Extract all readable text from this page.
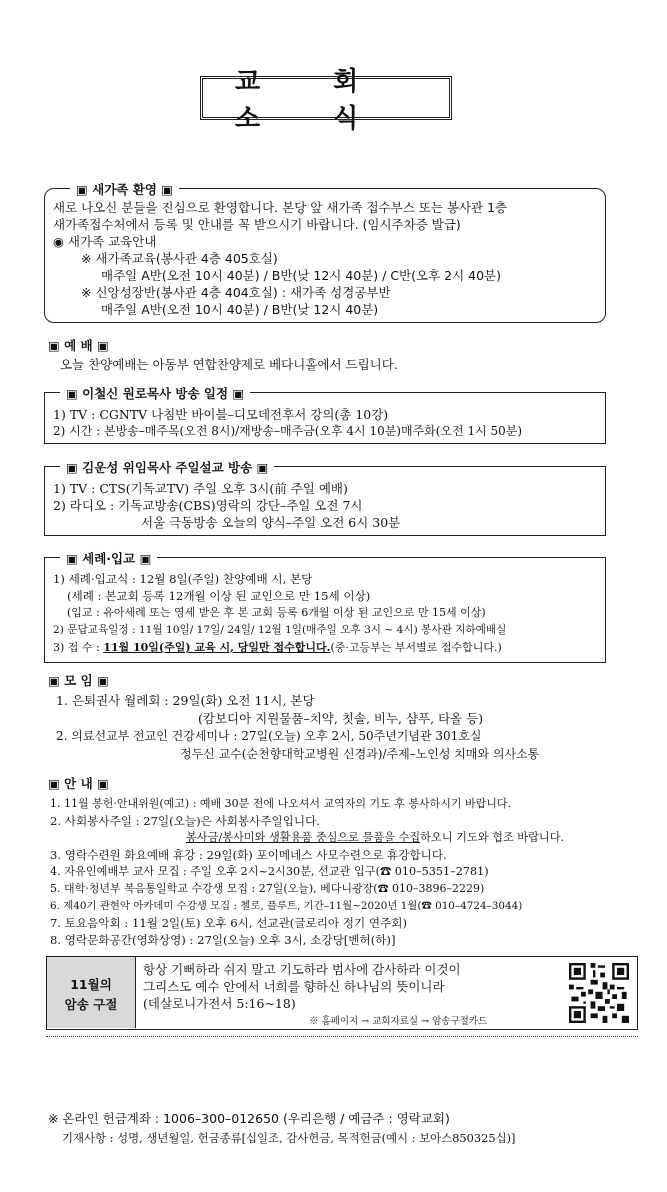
교 회 소 식
새로 나오신 분들을 진심으로 환영합니다. 본당 앞 새가족 접수부스 또는 봉사관 1층
새가족접수처에서 등록 및 안내를 꼭 받으시기 바랍니다. (임시주차증 발급)
◉ 새가족 교육안내
※ 새가족교육(봉사관 4층 405호실)
매주일 A반(오전 10시 40분) / B반(낮 12시 40분) / C반(오후 2시 40분)
※ 신앙성장반(봉사관 4층 404호실) : 새가족 성경공부반
매주일 A반(오전 10시 40분) / B반(낮 12시 40분)
▣ 새가족 환영 ▣
▣ 예 배 ▣
오늘 찬양예배는 아동부 연합찬양제로 베다니홀에서 드립니다.
1) TV : CGNTV 나침반 바이블–디모데전후서 강의(총 10강)
2) 시간 : 본방송–매주목(오전 8시)/재방송–매주금(오후 4시 10분)매주화(오전 1시 50분)
▣ 이철신 원로목사 방송 일정 ▣
1) TV : CTS(기독교TV) 주일 오후 3시(前 주일 예배)
2) 라디오 : 기독교방송(CBS)영락의 강단–주일 오전 7시
서울 극동방송 오늘의 양식–주일 오전 6시 30분
▣ 김운성 위임목사 주일설교 방송 ▣
1) 세례·입교식 : 12월 8일(주일) 찬양예배 시, 본당
(세례 : 본교회 등록 12개월 이상 된 교인으로 만 15세 이상)
(입교 : 유아세례 또는 영세 받은 후 본 교회 등록 6개월 이상 된 교인으로 만 15세 이상)
2) 문답교육일정 : 11월 10일/ 17일/ 24일/ 12월 1일(매주일 오후 3시 ~ 4시) 봉사관 지하예배실
3) 접 수 : 11월 10일(주일) 교육 시, 당일만 접수합니다.(중·고등부는 부서별로 접수합니다.)
▣ 세례·입교 ▣
▣ 모 임 ▣
1. 은퇴권사 월례회 : 29일(화) 오전 11시, 본당
(캄보디아 지원물품–치약, 칫솔, 비누, 샴푸, 타올 등)
2. 의료선교부 전교인 건강세미나 : 27일(오늘) 오후 2시, 50주년기념관 301호실
정두신 교수(순천향대학교병원 신경과)/주제–노인성 치매와 의사소통
▣ 안 내 ▣
1. 11월 봉헌·안내위원(예고) : 예배 30분 전에 나오셔서 교역자의 기도 후 봉사하시기 바랍니다.
2. 사회봉사주일 : 27일(오늘)은 사회봉사주일입니다.
봉사금/봉사미와 생활용품 중심으로 물품을 수집하오니 기도와 협조 바랍니다.
3. 영락수련원 화요예배 휴강 : 29일(화) 포이메네스 사모수련으로 휴강합니다.
4. 자유인예배부 교사 모집 : 주일 오후 2시~2시30분, 선교관 입구(☎ 010–5351–2781)
5. 대학·청년부 복음통일학교 수강생 모집 : 27일(오늘), 베다니광장(☎ 010–3896–2229)
6. 제40기 관현악 아카데미 수강생 모집 : 첼로, 플루트, 기간–11월~2020년 1월(☎ 010–4724–3044)
7. 토요음악회 : 11월 2일(토) 오후 6시, 선교관(글로리아 정기 연주회)
8. 영락문화공간(영화상영) : 27일(오늘) 오후 3시, 소강당[벤허(하)]
11월의
암송 구절
항상 기뻐하라 쉬지 말고 기도하라 범사에 감사하라 이것이
그리스도 예수 안에서 너희를 향하신 하나님의 뜻이니라
(데살로니가전서 5:16~18)
※ 홈페이지 → 교회자료실 → 암송구절카드
※ 온라인 헌금계좌 : 1006–300–012650 (우리은행 / 예금주 : 영락교회)
기재사항 : 성명, 생년월일, 헌금종류[십일조, 감사헌금, 목적헌금(예시 : 보아스850325십)]
